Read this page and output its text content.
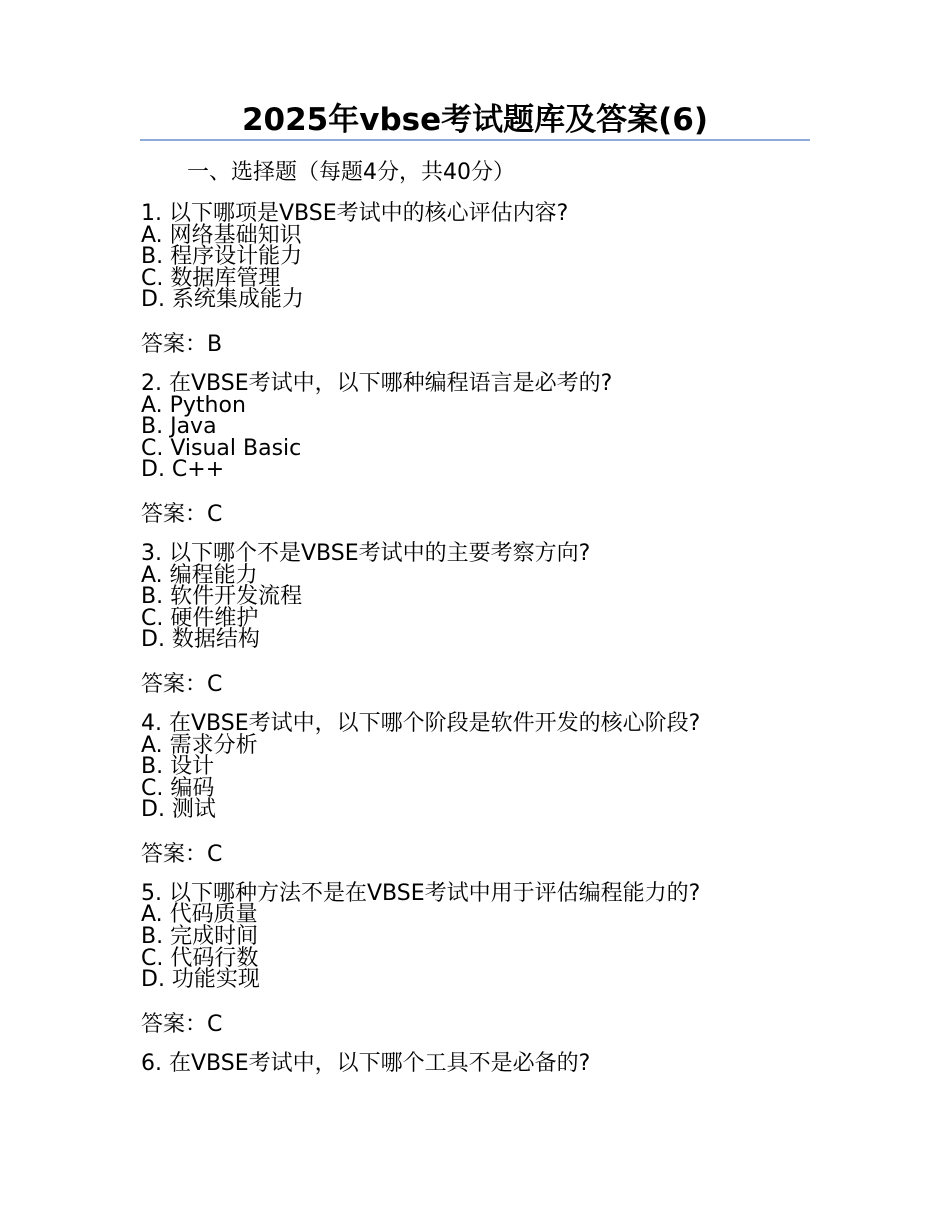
2025年vbse考试题库及答案(6)
一、选择题（每题4分，共40分）
1. 以下哪项是VBSE考试中的核心评估内容?
A. 网络基础知识
B. 程序设计能力
C. 数据库管理
D. 系统集成能力
答案：B
2. 在VBSE考试中，以下哪种编程语言是必考的?
A. Python
B. Java
C. Visual Basic
D. C++
答案：C
3. 以下哪个不是VBSE考试中的主要考察方向?
A. 编程能力
B. 软件开发流程
C. 硬件维护
D. 数据结构
答案：C
4. 在VBSE考试中，以下哪个阶段是软件开发的核心阶段?
A. 需求分析
B. 设计
C. 编码
D. 测试
答案：C
5. 以下哪种方法不是在VBSE考试中用于评估编程能力的?
A. 代码质量
B. 完成时间
C. 代码行数
D. 功能实现
答案：C
6. 在VBSE考试中，以下哪个工具不是必备的?
